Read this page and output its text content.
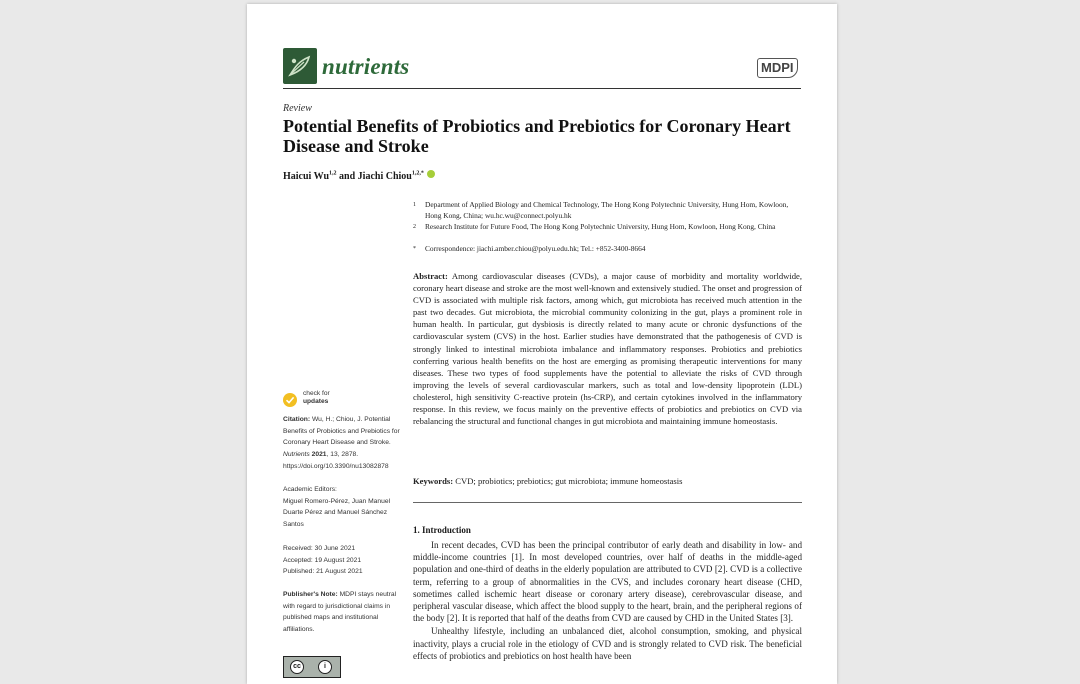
nutrients	MDPI
Review
Potential Benefits of Probiotics and Prebiotics for Coronary Heart Disease and Stroke
Haicui Wu$^{1,2}$ and Jiachi Chiou$^{1,2,*}$
1 Department of Applied Biology and Chemical Technology, The Hong Kong Polytechnic University, Hung Hom, Kowloon, Hong Kong, China; wu.hc.wu@connect.polyu.hk
2 Research Institute for Future Food, The Hong Kong Polytechnic University, Hung Hom, Kowloon, Hong Kong, China
* Correspondence: jiachi.amber.chiou@polyu.edu.hk; Tel.: +852-3400-8664
Abstract: Among cardiovascular diseases (CVDs), a major cause of morbidity and mortality worldwide, coronary heart disease and stroke are the most well-known and extensively studied. The onset and progression of CVD is associated with multiple risk factors, among which, gut microbiota has received much attention in the past two decades. Gut microbiota, the microbial community colonizing in the gut, plays a prominent role in human health. In particular, gut dysbiosis is directly related to many acute or chronic dysfunctions of the cardiovascular system (CVS) in the host. Earlier studies have demonstrated that the pathogenesis of CVD is strongly linked to intestinal microbiota imbalance and inflammatory responses. Probiotics and prebiotics conferring various health benefits on the host are emerging as promising therapeutic interventions for many diseases. These two types of food supplements have the potential to alleviate the risks of CVD through improving the levels of several cardiovascular markers, such as total and low-density lipoprotein (LDL) cholesterol, high sensitivity C-reactive protein (hs-CRP), and certain cytokines involved in the inflammatory response. In this review, we focus mainly on the preventive effects of probiotics and prebiotics on CVD via rebalancing the structural and functional changes in gut microbiota and maintaining immune homeostasis.
Keywords: CVD; probiotics; prebiotics; gut microbiota; immune homeostasis
1. Introduction

In recent decades, CVD has been the principal contributor of early death and disability in low- and middle-income countries [1]. In most developed countries, over half of deaths in the middle-aged population and one-third of deaths in the elderly population are attributed to CVD [2]. CVD is a collective term, referring to a group of abnormalities in the CVS, and includes coronary heart disease (CHD, sometimes called ischemic heart disease or coronary artery disease), cerebrovascular disease, and peripheral vascular disease, which affect the blood supply to the heart, brain, and the peripheral regions of the body [2]. It is reported that half of the deaths from CVD are caused by CHD in the United States [3].

Unhealthy lifestyle, including an unbalanced diet, alcohol consumption, smoking, and physical inactivity, plays a crucial role in the etiology of CVD and is strongly related to CVD risk. The beneficial effects of probiotics and prebiotics on host health have been

check for
updates
Citation: Wu, H.; Chiou, J. Potential Benefits of Probiotics and Prebiotics for Coronary Heart Disease and Stroke. Nutrients 2021, 13, 2878. https://doi.org/10.3390/nu13082878
Academic Editors:
Miguel Romero-Pérez, Juan Manuel Duarte Pérez and Manuel Sánchez Santos
Received: 30 June 2021
Accepted: 19 August 2021
Published: 21 August 2021
Publisher's Note: MDPI stays neutral with regard to jurisdictional claims in published maps and institutional affiliations.
cc	i
